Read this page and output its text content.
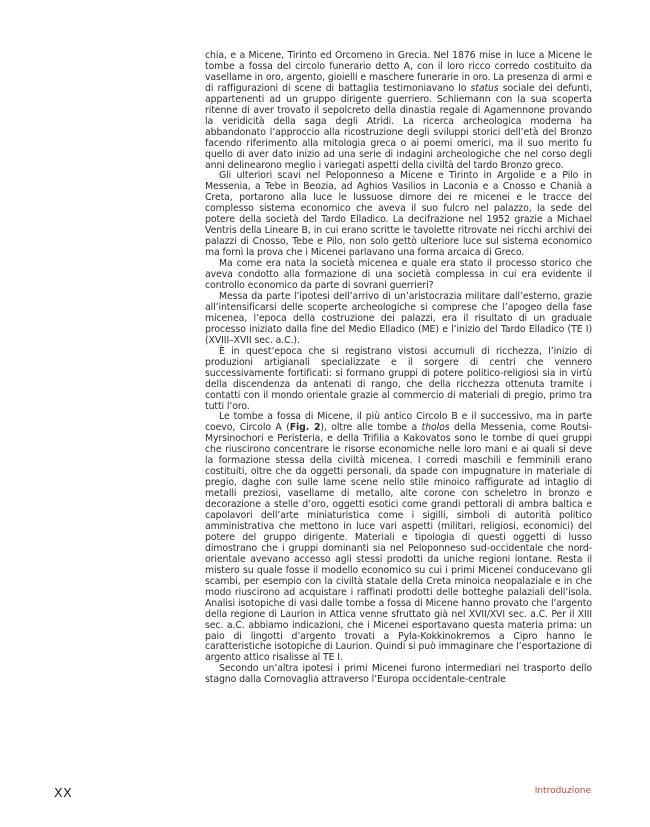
chia, e a Micene, Tirinto ed Orcomeno in Grecia. Nel 1876 mise in luce a Micene le tombe a fossa del circolo funerario detto A, con il loro ricco corredo costituito da vasellame in oro, argento, gioielli e maschere funerarie in oro. La presenza di armi e di raffigurazioni di scene di battaglia testimoniavano lo status sociale dei defunti, appartenenti ad un gruppo dirigente guerriero. Schliemann con la sua scoperta ritenne di aver trovato il sepolcreto della dinastia regale di Agamennone provando la veridicità della saga degli Atridi. La ricerca archeologica moderna ha abbandonato l’approccio alla ricostruzione degli sviluppi storici dell’età del Bronzo facendo riferimento alla mitologia greca o ai poemi omerici, ma il suo merito fu quello di aver dato inizio ad una serie di indagini archeologiche che nel corso degli anni delinearono meglio i variegati aspetti della civiltà del tardo Bronzo greco.

Gli ulteriori scavi nel Peloponneso a Micene e Tirinto in Argolide e a Pilo in Messenia, a Tebe in Beozia, ad Aghios Vasilios in Laconia e a Cnosso e Chanià a Creta, portarono alla luce le lussuose dimore dei re micenei e le tracce del complesso sistema economico che aveva il suo fulcro nel palazzo, la sede del potere della società del Tardo Elladico. La decifrazione nel 1952 grazie a Michael Ventris della Lineare B, in cui erano scritte le tavolette ritrovate nei ricchi archivi dei palazzi di Cnosso, Tebe e Pilo, non solo gettò ulteriore luce sul sistema economico ma fornì la prova che i Micenei parlavano una forma arcaica di Greco.

Ma come era nata la società micenea e quale era stato il processo storico che aveva condotto alla formazione di una società complessa in cui era evidente il controllo economico da parte di sovrani guerrieri?

Messa da parte l’ipotesi dell’arrivo di un’aristocrazia militare dall’esterno, grazie all’intensificarsi delle scoperte archeologiche si comprese che l’apogeo della fase micenea, l’epoca della costruzione dei palazzi, era il risultato di un graduale processo iniziato dalla fine del Medio Elladico (ME) e l’inizio del Tardo Elladico (TE I) (XVIII–XVII sec. a.C.).

È in quest’epoca che si registrano vistosi accumuli di ricchezza, l’inizio di produzioni artigianali specializzate e il sorgere di centri che vennero successivamente fortificati: si formano gruppi di potere politico-religiosi sia in virtù della discendenza da antenati di rango, che della ricchezza ottenuta tramite i contatti con il mondo orientale grazie al commercio di materiali di pregio, primo tra tutti l’oro.

Le tombe a fossa di Micene, il più antico Circolo B e il successivo, ma in parte coevo, Circolo A (Fig. 2), oltre alle tombe a tholos della Messenia, come Routsi-Myrsinochori e Peristeria, e della Trifilia a Kakovatos sono le tombe di quei gruppi che riuscirono concentrare le risorse economiche nelle loro mani e ai quali si deve la formazione stessa della civiltà micenea. I corredi maschili e femminili erano costituiti, oltre che da oggetti personali, da spade con impugnature in materiale di pregio, daghe con sulle lame scene nello stile minoico raffigurate ad intaglio di metalli preziosi, vasellame di metallo, alte corone con scheletro in bronzo e decorazione a stelle d’oro, oggetti esotici come grandi pettorali di ambra baltica e capolavori dell’arte miniaturistica come i sigilli, simboli di autorità politico amministrativa che mettono in luce vari aspetti (militari, religiosi, economici) del potere del gruppo dirigente. Materiali e tipologia di questi oggetti di lusso dimostrano che i gruppi dominanti sia nel Peloponneso sud-occidentale che nord-orientale avevano accesso agli stessi prodotti da uniche regioni lontane. Resta il mistero su quale fosse il modello economico su cui i primi Micenei conducevano gli scambi, per esempio con la civiltà statale della Creta minoica neopalaziale e in che modo riuscirono ad acquistare i raffinati prodotti delle botteghe palaziali dell’isola. Analisi isotopiche di vasi dalle tombe a fossa di Micene hanno provato che l’argento della regione di Laurion in Attica venne sfruttato già nel XVII/XVI sec. a.C. Per il XIII sec. a.C. abbiamo indicazioni, che i Micenei esportavano questa materia prima: un paio di lingotti d’argento trovati a Pyla-Kokkinokremos a Cipro hanno le caratteristiche isotopiche di Laurion. Quindi si può immaginare che l’esportazione di argento attico risalisse al TE I.

Secondo un’altra ipotesi i primi Micenei furono intermediari nel trasporto dello stagno dalla Cornovaglia attraverso l’Europa occidentale-centrale

XX	Introduzione
